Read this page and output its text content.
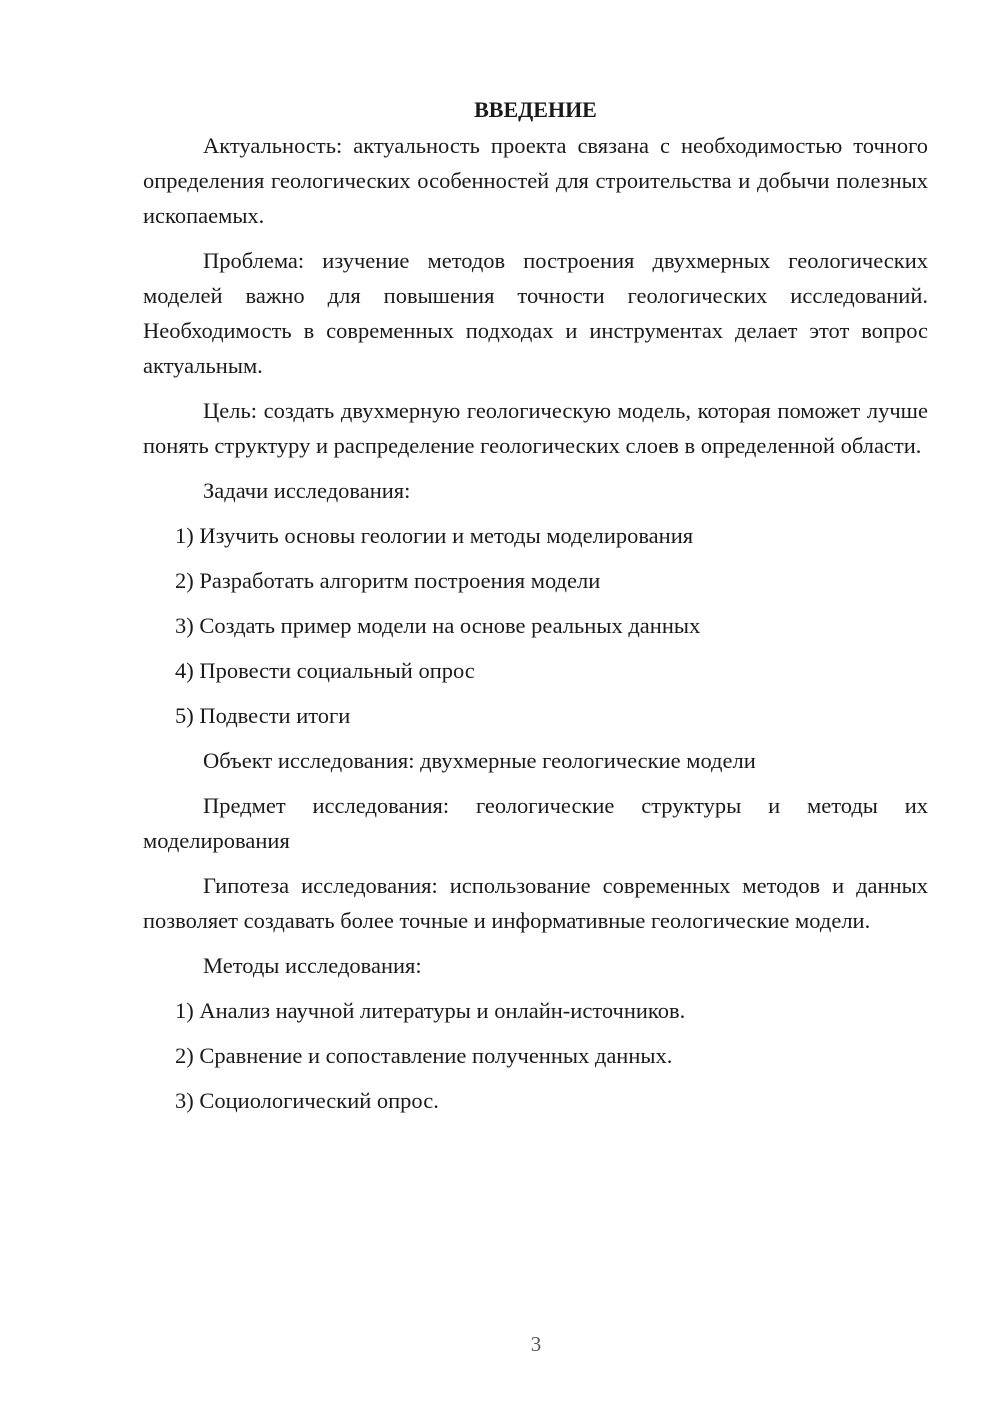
ВВЕДЕНИЕ

Актуальность: актуальность проекта связана с необходимостью точного определения геологических особенностей для строительства и добычи полезных ископаемых.

Проблема: изучение методов построения двухмерных геологических моделей важно для повышения точности геологических исследований. Необходимость в современных подходах и инструментах делает этот вопрос актуальным.

Цель: создать двухмерную геологическую модель, которая поможет лучше понять структуру и распределение геологических слоев в определенной области.

Задачи исследования:
1) Изучить основы геологии и методы моделирования
2) Разработать алгоритм построения модели
3) Создать пример модели на основе реальных данных
4) Провести социальный опрос
5) Подвести итоги

Объект исследования: двухмерные геологические модели

Предмет исследования: геологические структуры и методы их моделирования

Гипотеза исследования: использование современных методов и данных позволяет создавать более точные и информативные геологические модели.

Методы исследования:
1) Анализ научной литературы и онлайн-источников.
2) Сравнение и сопоставление полученных данных.
3) Социологический опрос.
3
